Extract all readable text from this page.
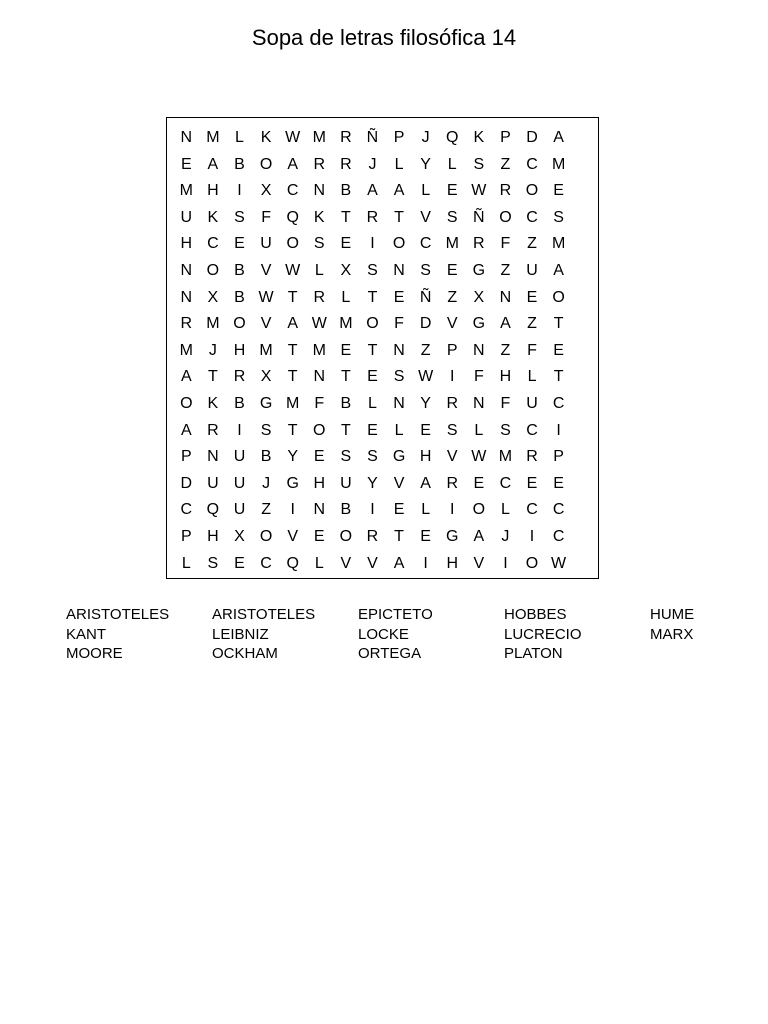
Sopa de letras filosófica 14
N M L	K W M R Ñ P	J	Q K P D A
E A B O A R R	J	L	Y	L	S	Z C M
M H	I	X C N B A A	L	E W R O E
U K S	F Q K	T R T	V S Ñ O C S
H C E U O S E	I	O C M R F	Z M
N O B V W L	X S N S E G Z U A
N X B W T R	L	T	E Ñ Z	X N E O
R M O V A W M O F D V G A	Z	T
M J	H M T M E	T N Z	P N Z	F	E
A	T R X	T N T	E S W	I	F H	L	T
O K B G M F	B	L	N Y R N F U C
A R	I	S	T O T	E	L	E S	L	S C	I
P N U B Y E S S G H V W M R P
D U U	J	G H U Y V A R E C E E
C Q U Z	I	N B	I	E	L	I	O L	C C
P H X O V E O R T	E G A	J	I	C
L	S E C Q L	V V A	I	H V	I	O W
ARISTOTELES	ARISTOTELES	EPICTETO	HOBBES	HUME
KANT	LEIBNIZ	LOCKE	LUCRECIO	MARX
MOORE	OCKHAM	ORTEGA	PLATON
